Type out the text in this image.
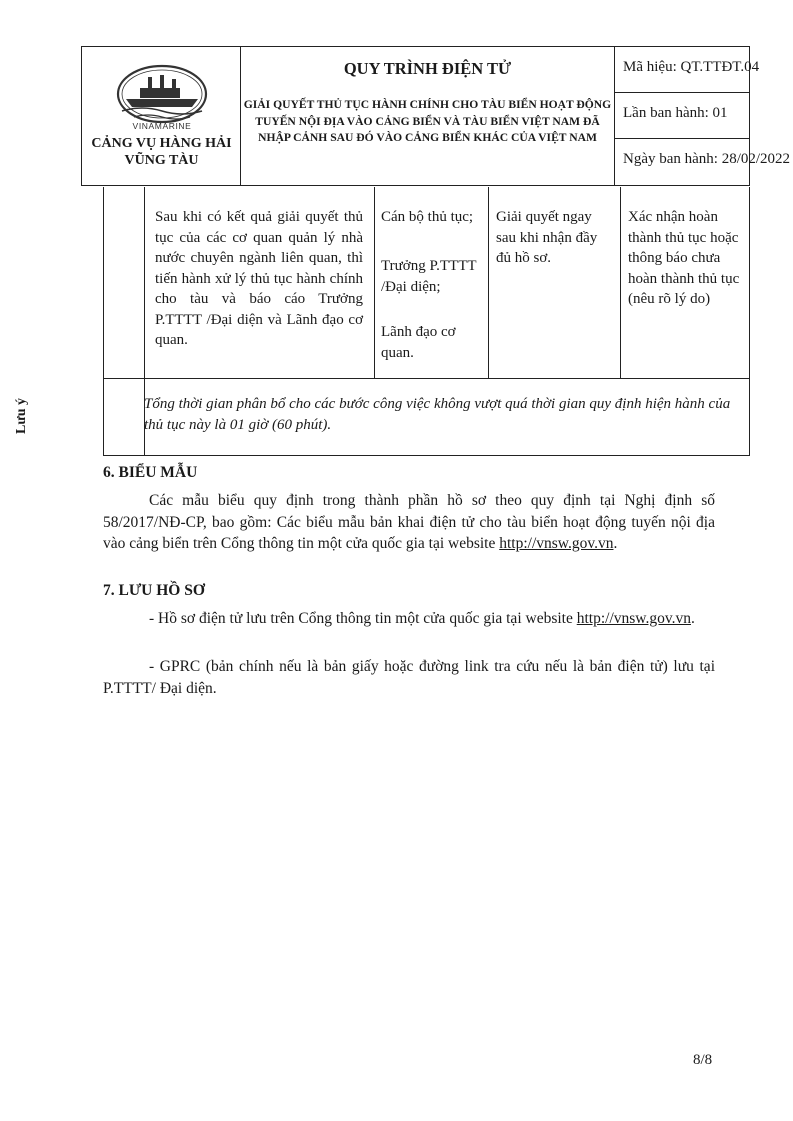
VINAMARINE
CẢNG VỤ HÀNG HẢI VŨNG TÀU
QUY TRÌNH ĐIỆN TỬ
GIẢI QUYẾT THỦ TỤC HÀNH CHÍNH CHO TÀU BIỂN HOẠT ĐỘNG TUYẾN NỘI ĐỊA VÀO CẢNG BIỂN VÀ TÀU BIỂN VIỆT NAM ĐÃ NHẬP CẢNH SAU ĐÓ VÀO CẢNG BIỂN KHÁC CỦA VIỆT NAM
Mã hiệu: QT.TTĐT.04
Lần ban hành: 01
Ngày ban hành: 28/02/2022
Sau khi có kết quả giải quyết thủ tục của các cơ quan quản lý nhà nước chuyên ngành liên quan, thì tiến hành xử lý thủ tục hành chính cho tàu và báo cáo Trưởng P.TTTT /Đại diện và Lãnh đạo cơ quan.
Cán bộ thủ tục;
Trưởng P.TTTT /Đại diện;
Lãnh đạo cơ quan.
Giải quyết ngay sau khi nhận đầy đủ hồ sơ.
Xác nhận hoàn thành thủ tục hoặc thông báo chưa hoàn thành thủ tục (nêu rõ lý do)
Lưu ý	Tổng thời gian phân bổ cho các bước công việc không vượt quá thời gian quy định hiện hành của thủ tục này là 01 giờ (60 phút).
6. BIỂU MẪU
Các mẫu biểu quy định trong thành phần hồ sơ theo quy định tại Nghị định số 58/2017/NĐ-CP, bao gồm: Các biểu mẫu bản khai điện tử cho tàu biển hoạt động tuyến nội địa vào cảng biển trên Cổng thông tin một cửa quốc gia tại website http://vnsw.gov.vn.
7. LƯU HỒ SƠ
- Hồ sơ điện tử lưu trên Cổng thông tin một cửa quốc gia tại website http://vnsw.gov.vn.
- GPRC (bản chính nếu là bản giấy hoặc đường link tra cứu nếu là bản điện tử) lưu tại P.TTTT/ Đại diện.
8/8
